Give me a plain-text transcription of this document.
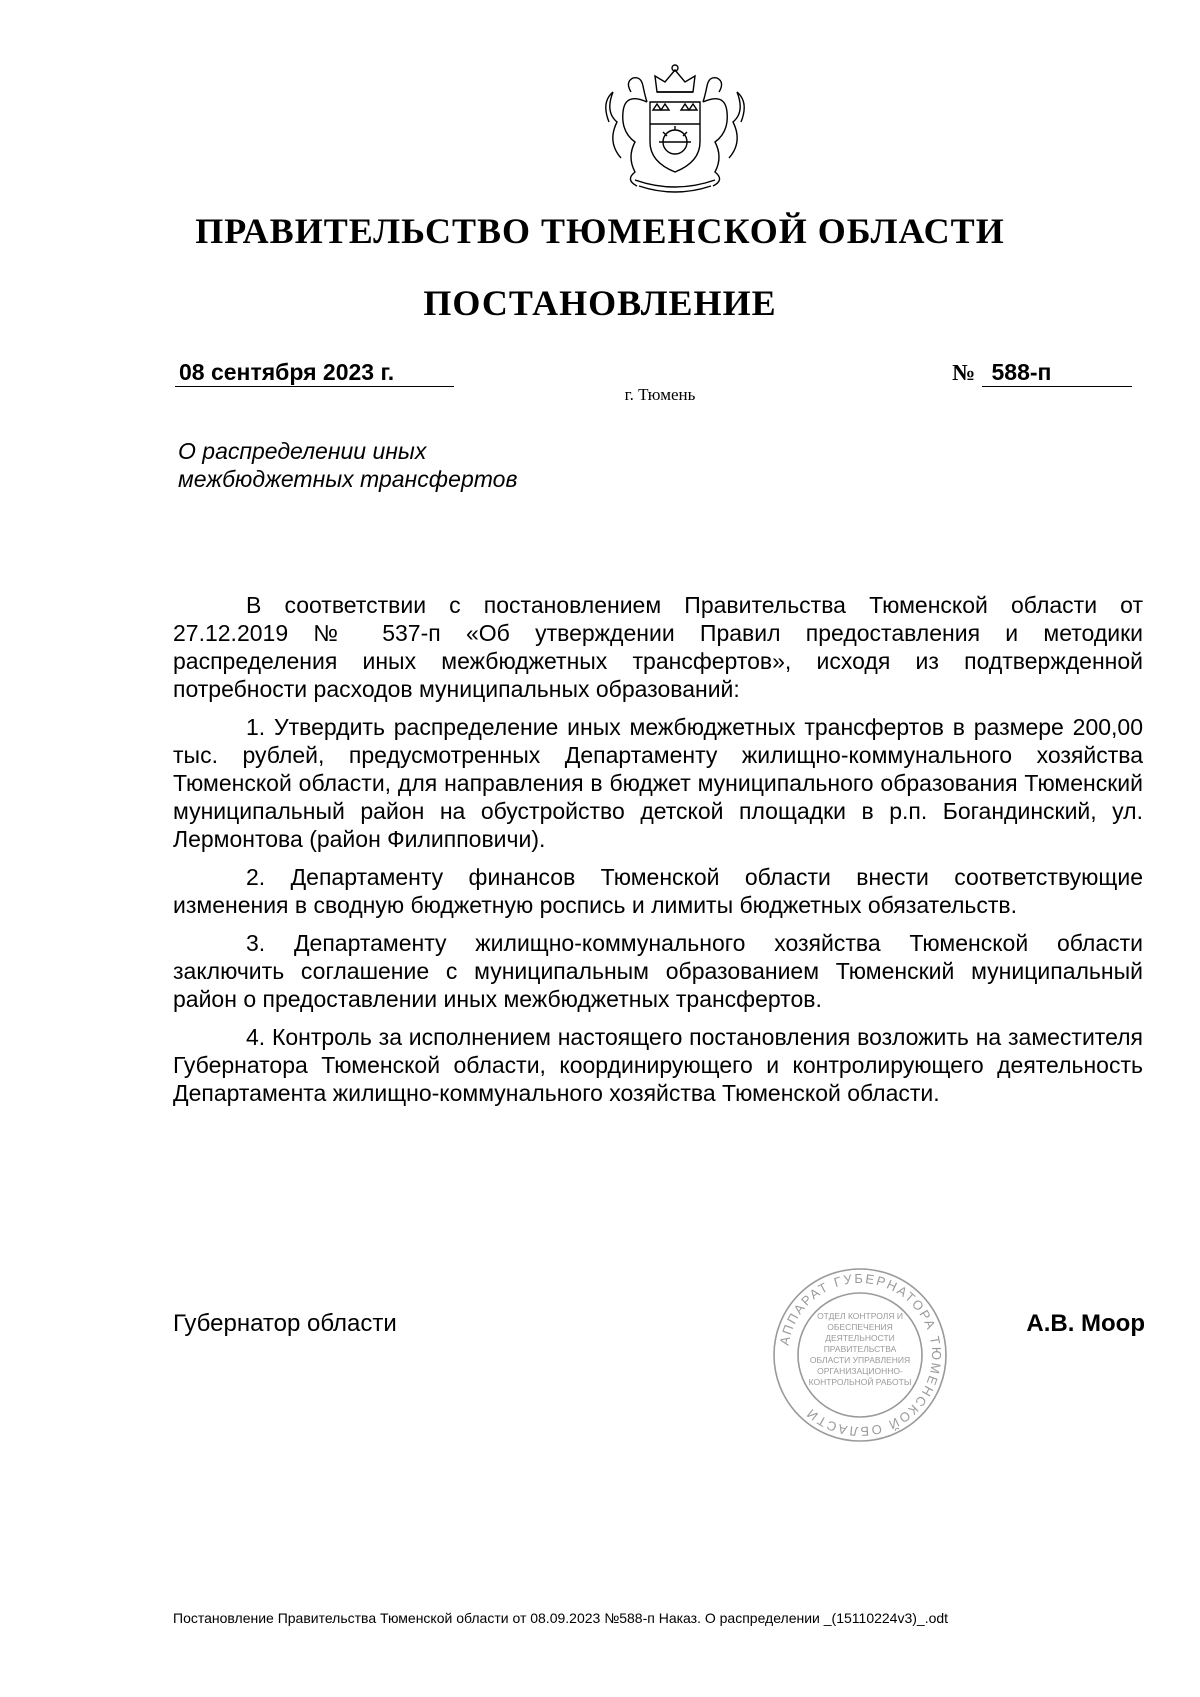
ПРАВИТЕЛЬСТВО ТЮМЕНСКОЙ ОБЛАСТИ
ПОСТАНОВЛЕНИЕ
08 сентября 2023 г.	№ 588-п
г. Тюмень
О распределении иных
межбюджетных трансфертов

В соответствии с постановлением Правительства Тюменской области от 27.12.2019 № 537-п «Об утверждении Правил предоставления и методики распределения иных межбюджетных трансфертов», исходя из подтвержденной потребности расходов муниципальных образований:

1. Утвердить распределение иных межбюджетных трансфертов в размере 200,00 тыс. рублей, предусмотренных Департаменту жилищно-коммунального хозяйства Тюменской области, для направления в бюджет муниципального образования Тюменский муниципальный район на обустройство детской площадки в р.п. Богандинский, ул. Лермонтова (район Филипповичи).

2. Департаменту финансов Тюменской области внести соответствующие изменения в сводную бюджетную роспись и лимиты бюджетных обязательств.

3. Департаменту жилищно-коммунального хозяйства Тюменской области заключить соглашение с муниципальным образованием Тюменский муниципальный район о предоставлении иных межбюджетных трансфертов.

4. Контроль за исполнением настоящего постановления возложить на заместителя Губернатора Тюменской области, координирующего и контролирующего деятельность Департамента жилищно-коммунального хозяйства Тюменской области.

Губернатор области
АППАРАТ ГУБЕРНАТОРА ТЮМЕНСКОЙ ОБЛАСТИ
ОТДЕЛ КОНТРОЛЯ И ОБЕСПЕЧЕНИЯ ДЕЯТЕЛЬНОСТИ ПРАВИТЕЛЬСТВА ОБЛАСТИ УПРАВЛЕНИЯ ОРГАНИЗАЦИОННО-КОНТРОЛЬНОЙ РАБОТЫ
А.В. Моор
Постановление Правительства Тюменской области от 08.09.2023 №588-п Наказ. О распределении _(15110224v3)_.odt
